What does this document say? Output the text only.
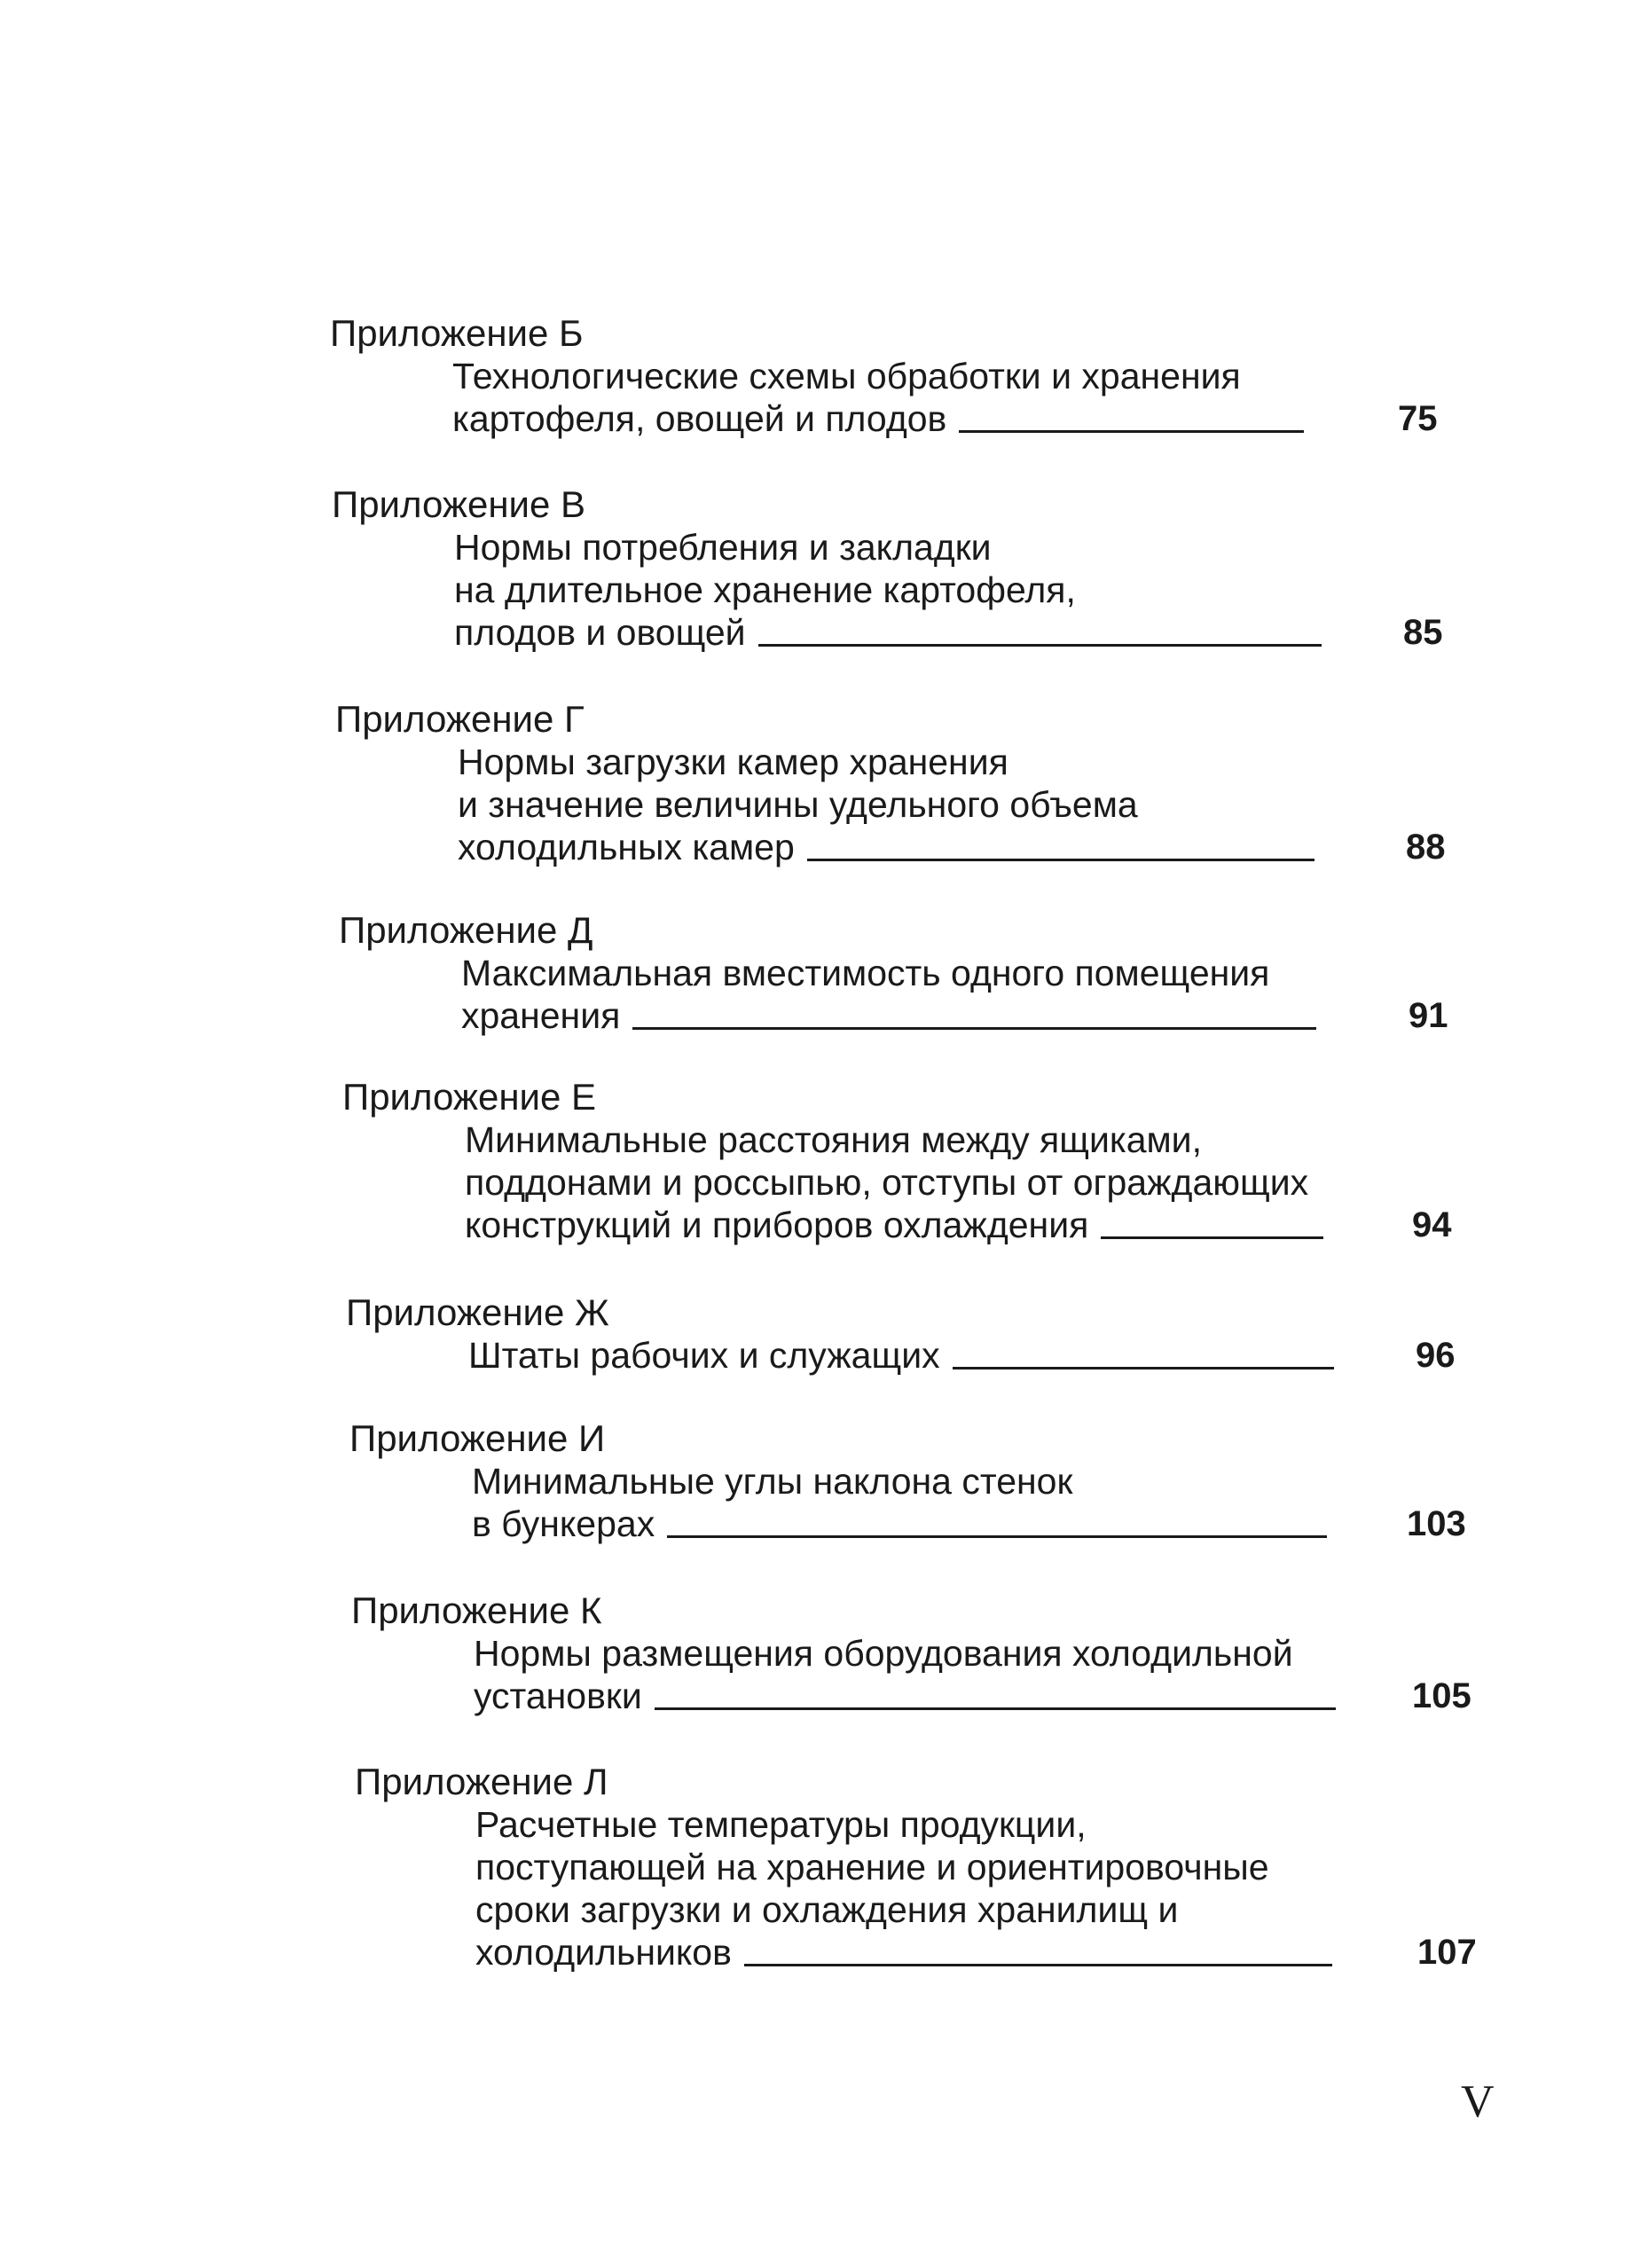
Приложение Б
Технологические схемы обработки и хранения
картофеля, овощей и плодов	75
Приложение В
Нормы потребления и закладки
на длительное хранение картофеля,
плодов и овощей	85
Приложение Г
Нормы загрузки камер хранения
и значение величины удельного объема
холодильных камер	88
Приложение Д
Максимальная вместимость одного помещения
хранения	91
Приложение Е
Минимальные расстояния между ящиками,
поддонами и россыпью, отступы от ограждающих
конструкций и приборов охлаждения	94
Приложение Ж
Штаты рабочих и служащих	96
Приложение И
Минимальные углы наклона стенок
в бункерах	103
Приложение К
Нормы размещения оборудования холодильной
установки	105
Приложение Л
Расчетные температуры продукции,
поступающей на хранение и ориентировочные
сроки загрузки и охлаждения хранилищ и
холодильников	107
V
